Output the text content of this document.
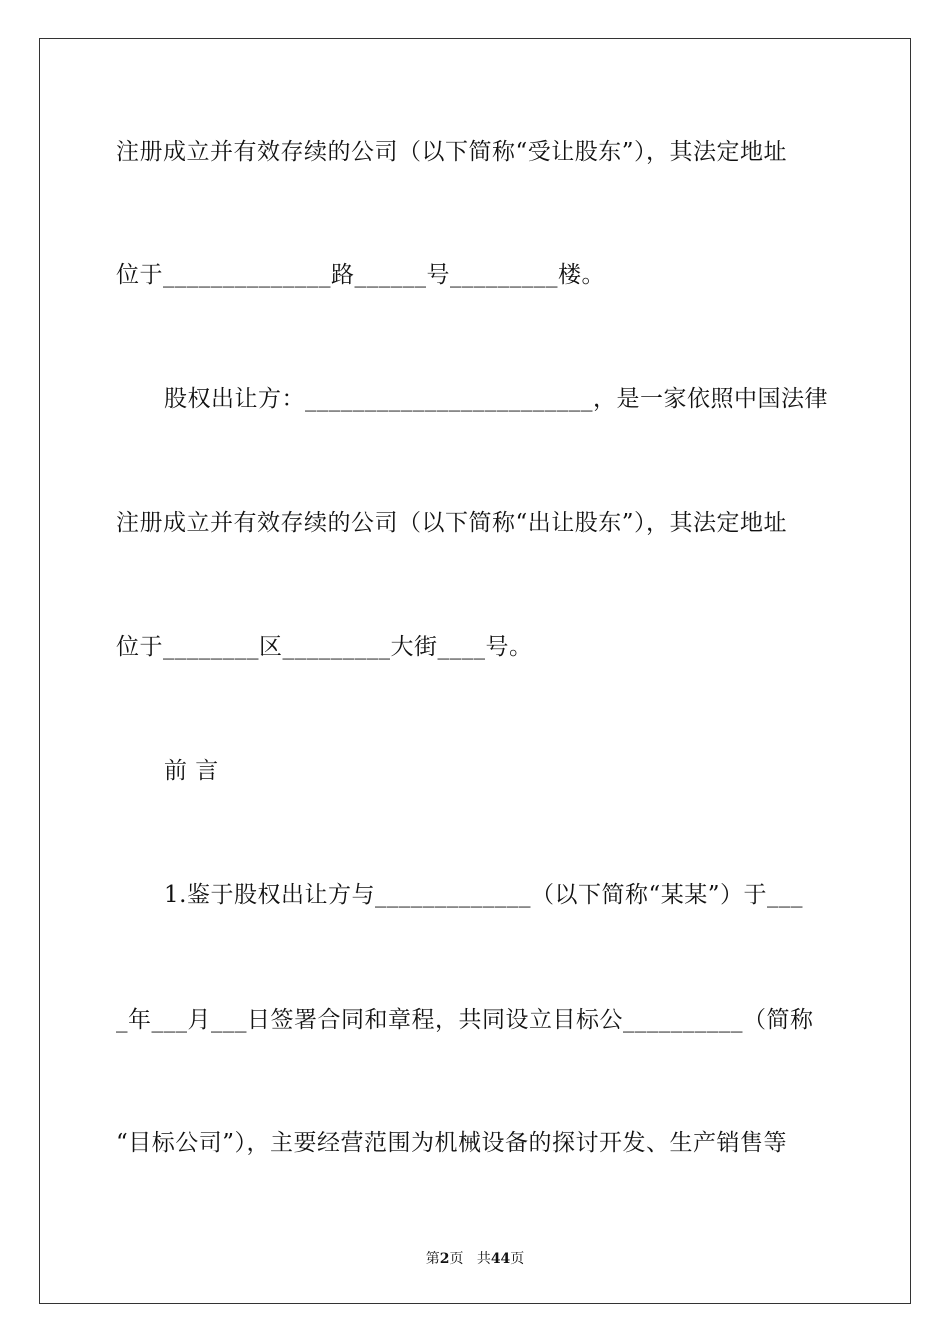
注册成立并有效存续的公司（以下简称“受让股东”），其法定地址
位于______________路______号_________楼。
股权出让方：________________________，是一家依照中国法律
注册成立并有效存续的公司（以下简称“出让股东”），其法定地址
位于________区_________大街____号。
前 言
1.鉴于股权出让方与_____________（以下简称“某某”）于___
_年___月___日签署合同和章程，共同设立目标公__________（简称
“目标公司”），主要经营范围为机械设备的探讨开发、生产销售等
第2页 共44页
